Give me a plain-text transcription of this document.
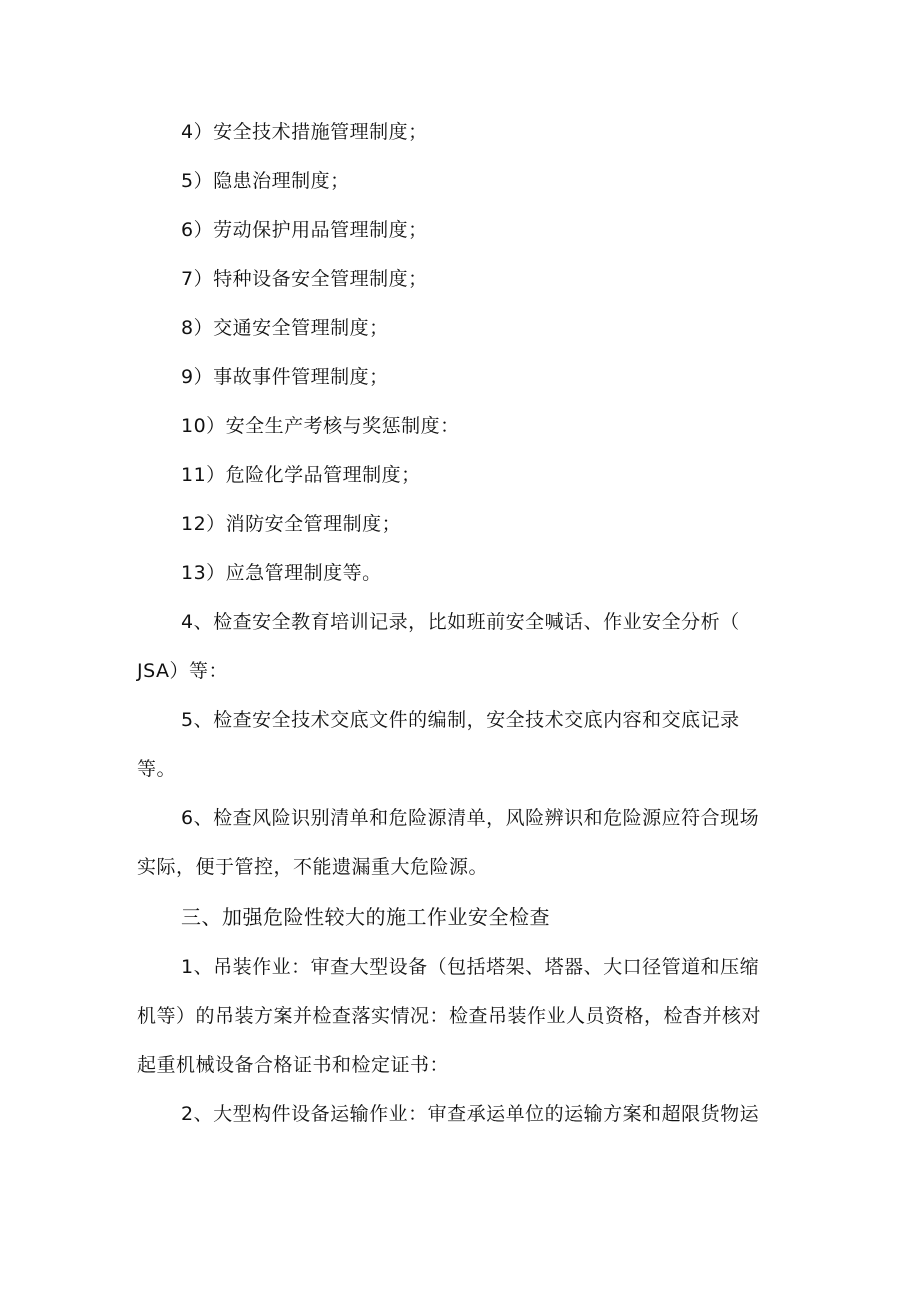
4）安全技术措施管理制度；
5）隐患治理制度；
6）劳动保护用品管理制度；
7）特种设备安全管理制度；
8）交通安全管理制度；
9）事故事件管理制度；
10）安全生产考核与奖惩制度：
11）危险化学品管理制度；
12）消防安全管理制度；
13）应急管理制度等。
4、检查安全教育培训记录，比如班前安全喊话、作业安全分析（
JSA）等：
5、检查安全技术交底文件的编制，安全技术交底内容和交底记录
等。
6、检查风险识别清单和危险源清单，风险辨识和危险源应符合现场
实际，便于管控，不能遗漏重大危险源。
三、加强危险性较大的施工作业安全检查
1、吊装作业：审查大型设备（包括塔架、塔器、大口径管道和压缩
机等）的吊装方案并检查落实情况：检查吊装作业人员资格，检杳并核对
起重机械设备合格证书和检定证书：
2、大型构件设备运输作业：审查承运单位的运输方案和超限货物运
